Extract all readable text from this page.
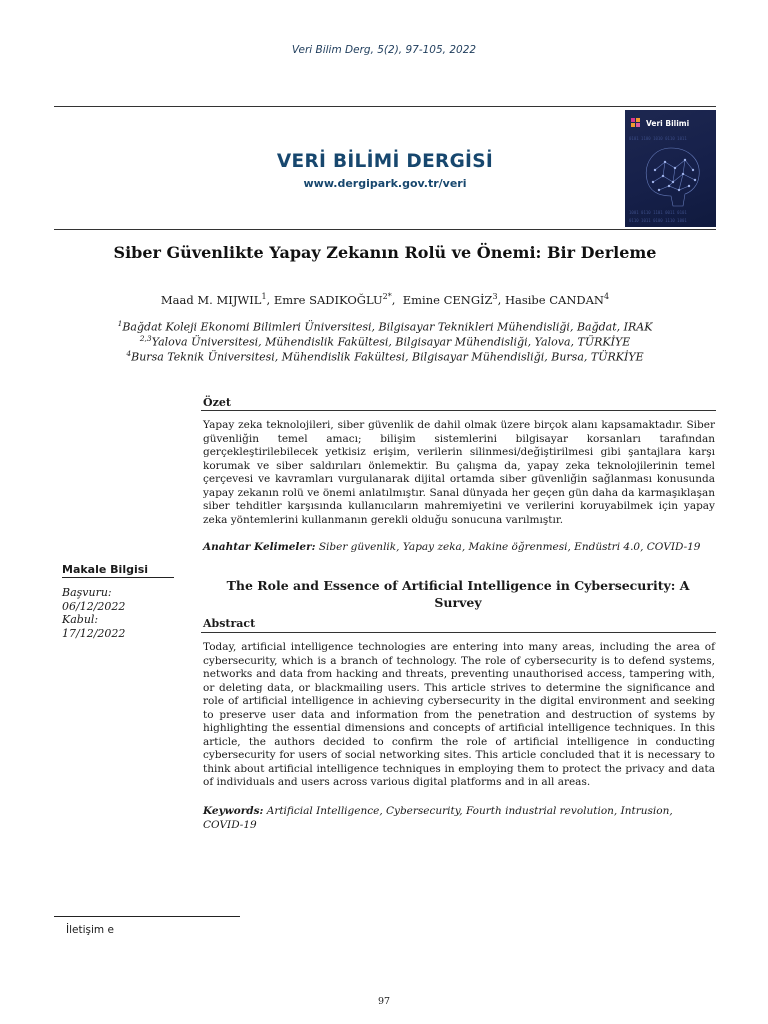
Veri Bilim Derg, 5(2), 97-105, 2022
VERİ BİLİMİ DERGİSİ
www.dergipark.gov.tr/veri
0101 1100 1010 0110 1011
1001 0110 1101 0011 0101
0110 1011 0100 1110 1001
Veri Bilimi
Siber Güvenlikte Yapay Zekanın Rolü ve Önemi: Bir Derleme
Maad M. MIJWIL$^1$, Emre $SADIKOĞLU^{2*}$,  Emine CENGİZ$^3$, Hasibe CANDAN$^4$
$^1$Bağdat Koleji Ekonomi Bilimleri Üniversitesi, Bilgisayar Teknikleri Mühendisliği, Bağdat, IRAK
$^{2,3}$Yalova Üniversitesi, Mühendislik Fakültesi, Bilgisayar Mühendisliği, Yalova, TÜRKİYE
$^4$Bursa Teknik Üniversitesi, Mühendislik Fakültesi, Bilgisayar Mühendisliği, Bursa, TÜRKİYE
Özet
Yapay zeka teknolojileri, siber güvenlik de dahil olmak üzere birçok alanı kapsamaktadır. Siber güvenliğin temel amacı; bilişim sistemlerini bilgisayar korsanları tarafından gerçekleştirilebilecek yetkisiz erişim, verilerin silinmesi/değiştirilmesi gibi şantajlara karşı korumak ve siber saldırıları önlemektir. Bu çalışma da, yapay zeka teknolojilerinin temel çerçevesi ve kavramları vurgulanarak dijital ortamda siber güvenliğin sağlanması konusunda yapay zekanın rolü ve önemi anlatılmıştır. Sanal dünyada her geçen gün daha da karmaşıklaşan siber tehditler karşısında kullanıcıların mahremiyetini ve verilerini koruyabilmek için yapay zeka yöntemlerini kullanmanın gerekli olduğu sonucuna varılmıştır.
Anahtar Kelimeler: Siber güvenlik, Yapay zeka, Makine öğrenmesi, Endüstri 4.0, COVID-19
Makale Bilgisi
Başvuru:
06/12/2022
Kabul:
17/12/2022
The Role and Essence of Artificial Intelligence in Cybersecurity: A Survey
Abstract
Today, artificial intelligence technologies are entering into many areas, including the area of cybersecurity, which is a branch of technology. The role of cybersecurity is to defend systems, networks and data from hacking and threats, preventing unauthorised access, tampering with, or deleting data, or blackmailing users. This article strives to determine the significance and role of artificial intelligence in achieving cybersecurity in the digital environment and seeking to preserve user data and information from the penetration and destruction of systems by highlighting the essential dimensions and concepts of artificial intelligence techniques. In this article, the authors decided to confirm the role of artificial intelligence in conducting cybersecurity for users of social networking sites. This article concluded that it is necessary to think about artificial intelligence techniques in employing them to protect the privacy and data of individuals and users across various digital platforms and in all areas.
Keywords: Artificial Intelligence, Cybersecurity, Fourth industrial revolution, Intrusion, COVID-19
İletişim e
97
